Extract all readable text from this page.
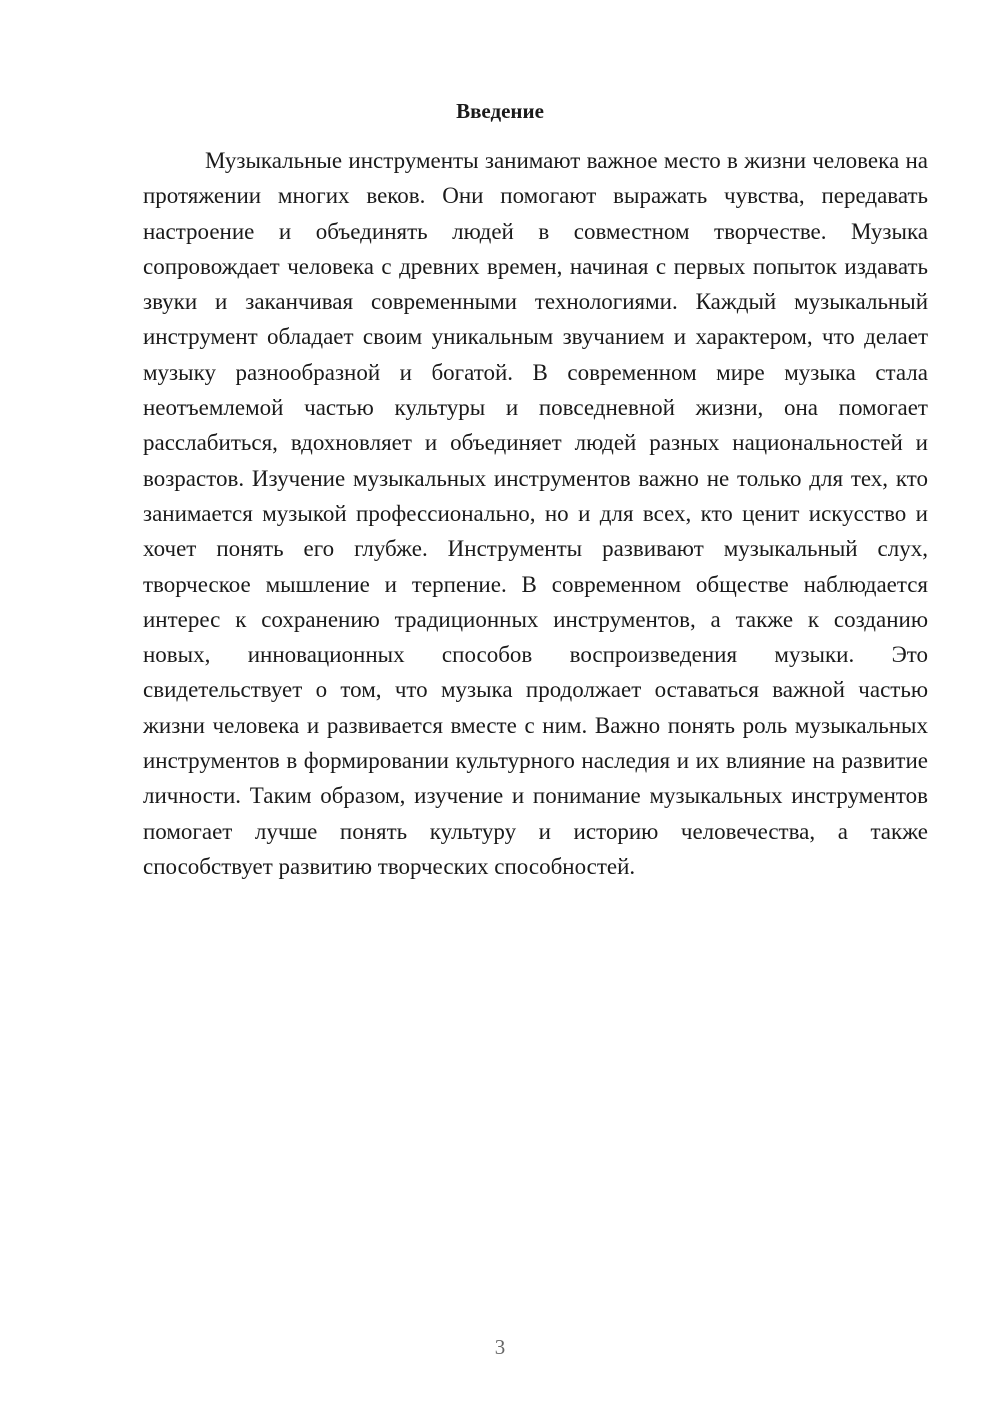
Введение

Музыкальные инструменты занимают важное место в жизни человека на протяжении многих веков. Они помогают выражать чувства, передавать настроение и объединять людей в совместном творчестве. Музыка сопровождает человека с древних времен, начиная с первых попыток издавать звуки и заканчивая современными технологиями. Каждый музыкальный инструмент обладает своим уникальным звучанием и характером, что делает музыку разнообразной и богатой. В современном мире музыка стала неотъемлемой частью культуры и повседневной жизни, она помогает расслабиться, вдохновляет и объединяет людей разных национальностей и возрастов. Изучение музыкальных инструментов важно не только для тех, кто занимается музыкой профессионально, но и для всех, кто ценит искусство и хочет понять его глубже. Инструменты развивают музыкальный слух, творческое мышление и терпение. В современном обществе наблюдается интерес к сохранению традиционных инструментов, а также к созданию новых, инновационных способов воспроизведения музыки. Это свидетельствует о том, что музыка продолжает оставаться важной частью жизни человека и развивается вместе с ним. Важно понять роль музыкальных инструментов в формировании культурного наследия и их влияние на развитие личности. Таким образом, изучение и понимание музыкальных инструментов помогает лучше понять культуру и историю человечества, а также способствует развитию творческих способностей.

3
